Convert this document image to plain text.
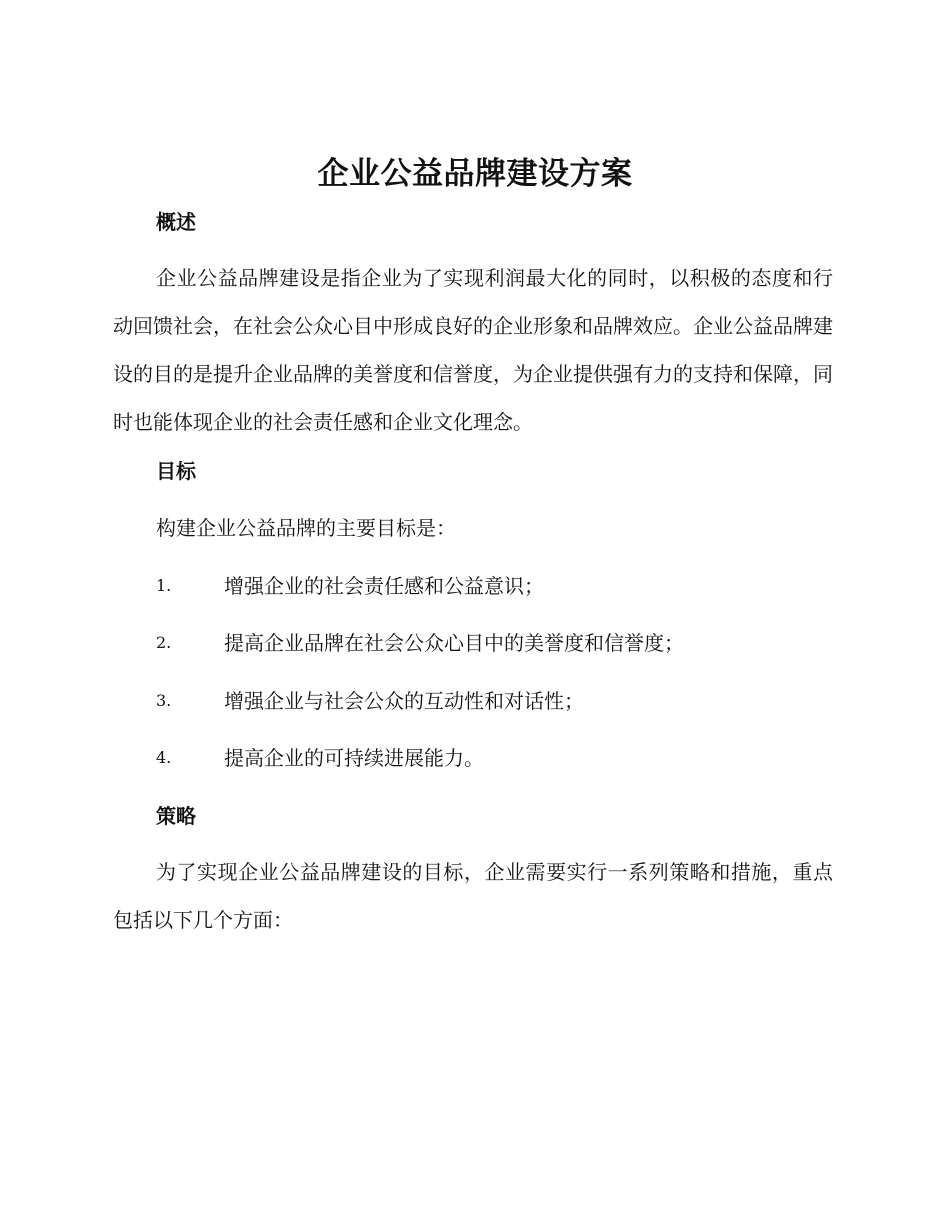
企业公益品牌建设方案
概述

企业公益品牌建设是指企业为了实现利润最大化的同时，以积极的态度和行动回馈社会，在社会公众心目中形成良好的企业形象和品牌效应。企业公益品牌建设的目的是提升企业品牌的美誉度和信誉度，为企业提供强有力的支持和保障，同时也能体现企业的社会责任感和企业文化理念。

目标
构建企业公益品牌的主要目标是：
1.	增强企业的社会责任感和公益意识；
2.	提高企业品牌在社会公众心目中的美誉度和信誉度；
3.	增强企业与社会公众的互动性和对话性；
4.	提高企业的可持续进展能力。
策略

为了实现企业公益品牌建设的目标，企业需要实行一系列策略和措施，重点包括以下几个方面：
